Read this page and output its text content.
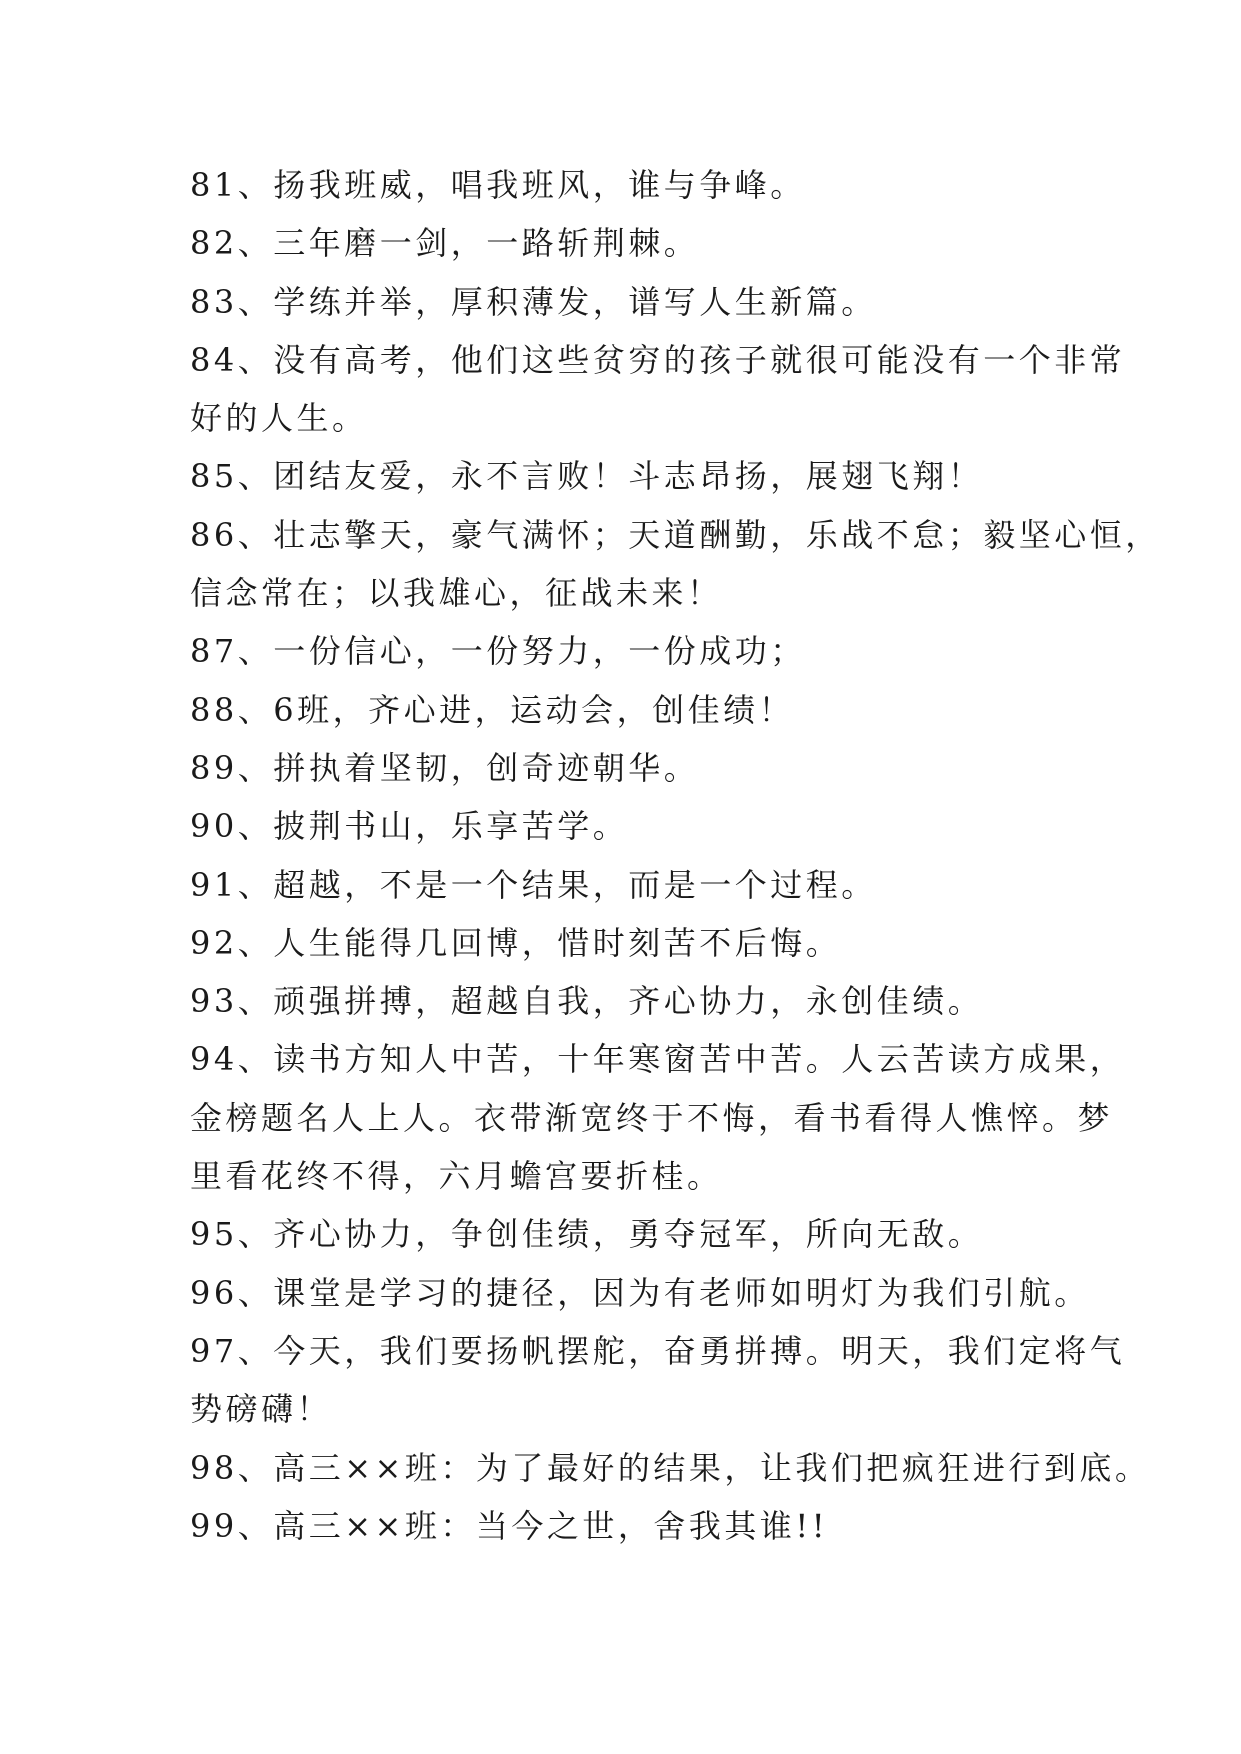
81、扬我班威，唱我班风，谁与争峰。
82、三年磨一剑，一路斩荆棘。
83、学练并举，厚积薄发，谱写人生新篇。
84、没有高考，他们这些贫穷的孩子就很可能没有一个非常
好的人生。
85、团结友爱，永不言败！斗志昂扬，展翅飞翔！
86、壮志擎天，豪气满怀；天道酬勤，乐战不怠；毅坚心恒，
信念常在；以我雄心，征战未来！
87、一份信心，一份努力，一份成功；
88、6班，齐心进，运动会，创佳绩！
89、拼执着坚韧，创奇迹朝华。
90、披荆书山，乐享苦学。
91、超越，不是一个结果，而是一个过程。
92、人生能得几回博，惜时刻苦不后悔。
93、顽强拼搏，超越自我，齐心协力，永创佳绩。
94、读书方知人中苦，十年寒窗苦中苦。人云苦读方成果，
金榜题名人上人。衣带渐宽终于不悔，看书看得人憔悴。梦
里看花终不得，六月蟾宫要折桂。
95、齐心协力，争创佳绩，勇夺冠军，所向无敌。
96、课堂是学习的捷径，因为有老师如明灯为我们引航。
97、今天，我们要扬帆摆舵，奋勇拼搏。明天，我们定将气
势磅礴！
98、高三××班：为了最好的结果，让我们把疯狂进行到底。
99、高三××班：当今之世，舍我其谁!!
